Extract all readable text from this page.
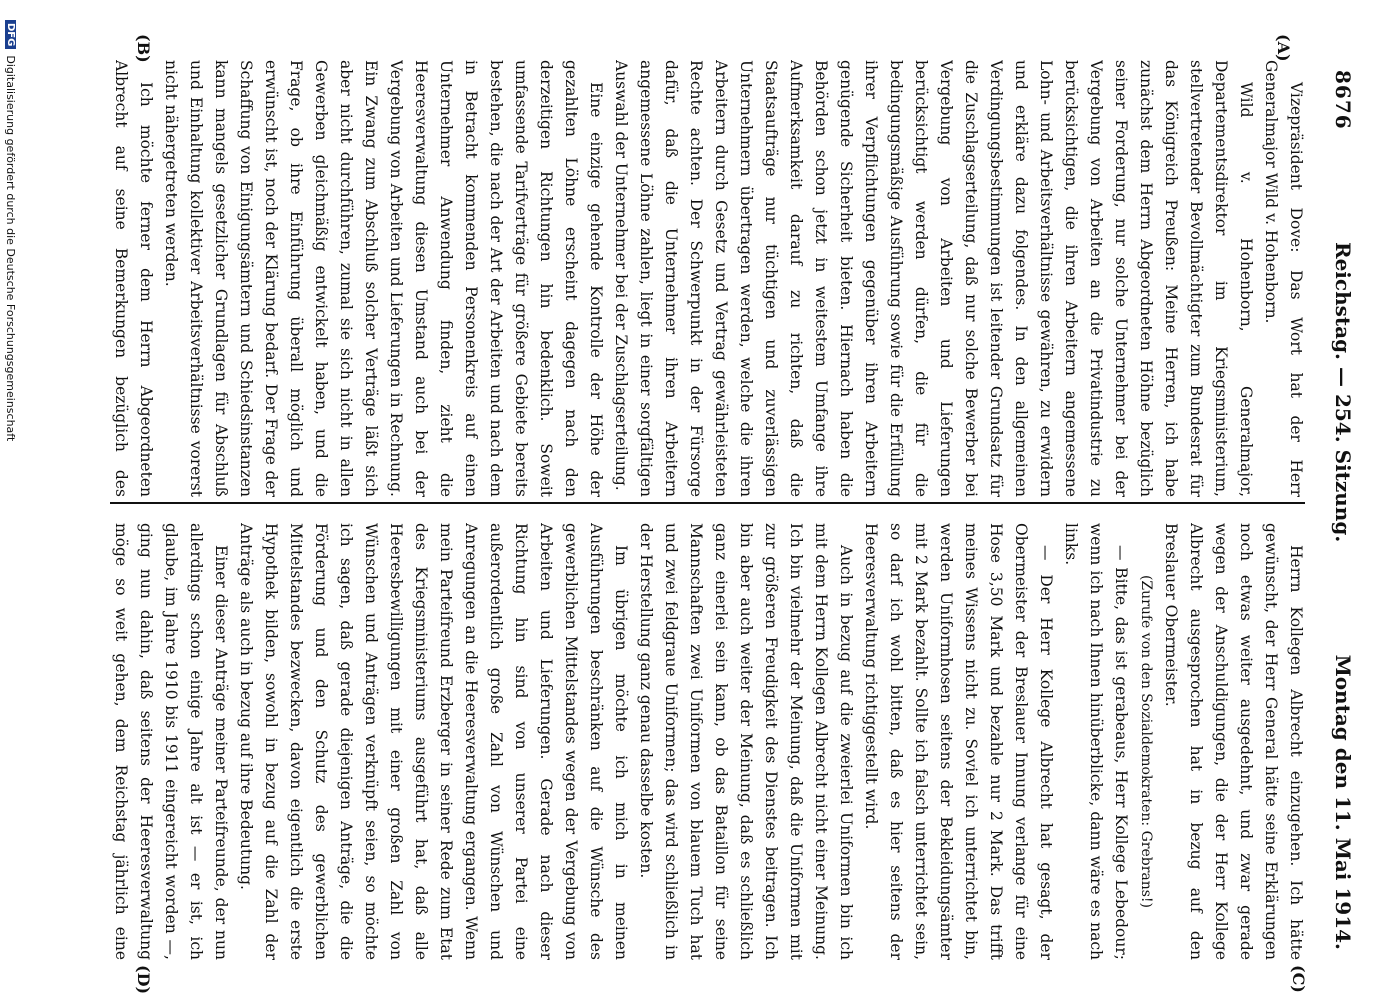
8676
Reichstag. — 254. Sitzung.
Montag den 11. Mai 1914.
(A)
(B)
(C)
(D)

Vizepräsident Dove: Das Wort hat der Herr Generalmajor Wild v. Hohenborn.

Wild v. Hohenborn, Generalmajor, Departementsdirektor im Kriegsministerium, stellvertretender Bevollmächtigter zum Bundesrat für das Königreich Preußen: Meine Herren, ich habe zunächst dem Herrn Abgeordneten Höhne bezüglich seiner Forderung, nur solche Unternehmer bei der Vergebung von Arbeiten an die Privatindustrie zu berücksichtigen, die ihren Arbeitern angemessene Lohn- und Arbeitsverhältnisse gewähren, zu erwidern und erkläre dazu folgendes. In den allgemeinen Verdingungsbestimmungen ist leitender Grundsatz für die Zuschlagserteilung, daß nur solche Bewerber bei Vergebung von Arbeiten und Lieferungen berücksichtigt werden dürfen, die für die bedingungsmäßige Ausführung sowie für die Erfüllung ihrer Verpflichtungen gegenüber ihren Arbeitern genügende Sicherheit bieten. Hiernach haben die Behörden schon jetzt in weitestem Umfange ihre Aufmerksamkeit darauf zu richten, daß die Staatsaufträge nur tüchtigen und zuverlässigen Unternehmern übertragen werden, welche die ihren Arbeitern durch Gesetz und Vertrag gewährleisteten Rechte achten. Der Schwerpunkt in der Fürsorge dafür, daß die Unternehmer ihren Arbeitern angemessene Löhne zahlen, liegt in einer sorgfältigen Auswahl der Unternehmer bei der Zuschlagserteilung.

Eine einzige gehende Kontrolle der Höhe der gezahlten Löhne erscheint dagegen nach den derzeitigen Richtungen hin bedenklich. Soweit umfassende Tarifverträge für größere Gebiete bereits bestehen, die nach der Art der Arbeiten und nach dem in Betracht kommenden Personenkreis auf einen Unternehmer Anwendung finden, zieht die Heeresverwaltung diesen Umstand auch bei der Vergebung von Arbeiten und Lieferungen in Rechnung. Ein Zwang zum Abschluß solcher Verträge läßt sich aber nicht durchführen, zumal sie sich nicht in allen Gewerben gleichmäßig entwickelt haben, und die Frage, ob ihre Einführung überall möglich und erwünscht ist, noch der Klärung bedarf. Der Frage der Schaffung von Einigungsämtern und Schiedsinstanzen kann mangels gesetzlicher Grundlagen für Abschluß und Einhaltung kollektiver Arbeitsverhältnisse vorerst nicht nähergetreten werden.

Ich möchte ferner dem Herrn Abgeordneten Albrecht auf seine Bemerkungen bezüglich des

Herrn Kollegen Albrecht einzugehen. Ich hätte gewünscht, der Herr General hätte seine Erklärungen noch etwas weiter ausgedehnt, und zwar gerade wegen der Anschuldigungen, die der Herr Kollege Albrecht ausgesprochen hat in bezug auf den Breslauer Obermeister.

(Zurufe von den Sozialdemokraten: Grebrans!)

— Bitte, das ist gerabeaus, Herr Kollege Lebedour; wenn ich nach Ihnen hinüberblicke, dann wäre es nach links.

— Der Herr Kollege Albrecht hat gesagt, der Obermeister der Breslauer Innung verlange für eine Hose 3,50 Mark und bezahle nur 2 Mark. Das trifft meines Wissens nicht zu. Soviel ich unterrichtet bin, werden Uniformhosen seitens der Bekleidungsämter mit 2 Mark bezahlt. Sollte ich falsch unterrichtet sein, so darf ich wohl bitten, daß es hier seitens der Heeresverwaltung richtiggestellt wird.

Auch in bezug auf die zweierlei Uniformen bin ich mit dem Herrn Kollegen Albrecht nicht einer Meinung. Ich bin vielmehr der Meinung, daß die Uniformen mit zur größeren Freudigkeit des Dienstes beitragen. Ich bin aber auch weiter der Meinung, daß es schließlich ganz einerlei sein kann, ob das Bataillon für seine Mannschaften zwei Uniformen von blauem Tuch hat und zwei feldgraue Uniformen; das wird schließlich in der Herstellung ganz genau dasselbe kosten.

Im übrigen möchte ich mich in meinen Ausführungen beschränken auf die Wünsche des gewerblichen Mittelstandes wegen der Vergebung von Arbeiten und Lieferungen. Gerade nach dieser Richtung hin sind von unserer Partei eine außerordentlich große Zahl von Wünschen und Anregungen an die Heeresverwaltung ergangen. Wenn mein Parteifreund Erzberger in seiner Rede zum Etat des Kriegsministeriums ausgeführt hat, daß alle Heeresbewilligungen mit einer großen Zahl von Wünschen und Anträgen verknüpft seien, so möchte ich sagen, daß gerade diejenigen Anträge, die die Förderung und den Schutz des gewerblichen Mittelstandes bezwecken, davon eigentlich die erste Hypothek bilden, sowohl in bezug auf die Zahl der Anträge als auch in bezug auf ihre Bedeutung.

Einer dieser Anträge meiner Parteifreunde, der nun allerdings schon einige Jahre alt ist — er ist, ich glaube, im Jahre 1910 bis 1911 eingereicht worden —, ging nun dahin, daß seitens der Heeresverwaltung möge so weit gehen, dem Reichstag jährlich eine

DFG
Digitalisierung gefördert durch die Deutsche Forschungsgemeinschaft
